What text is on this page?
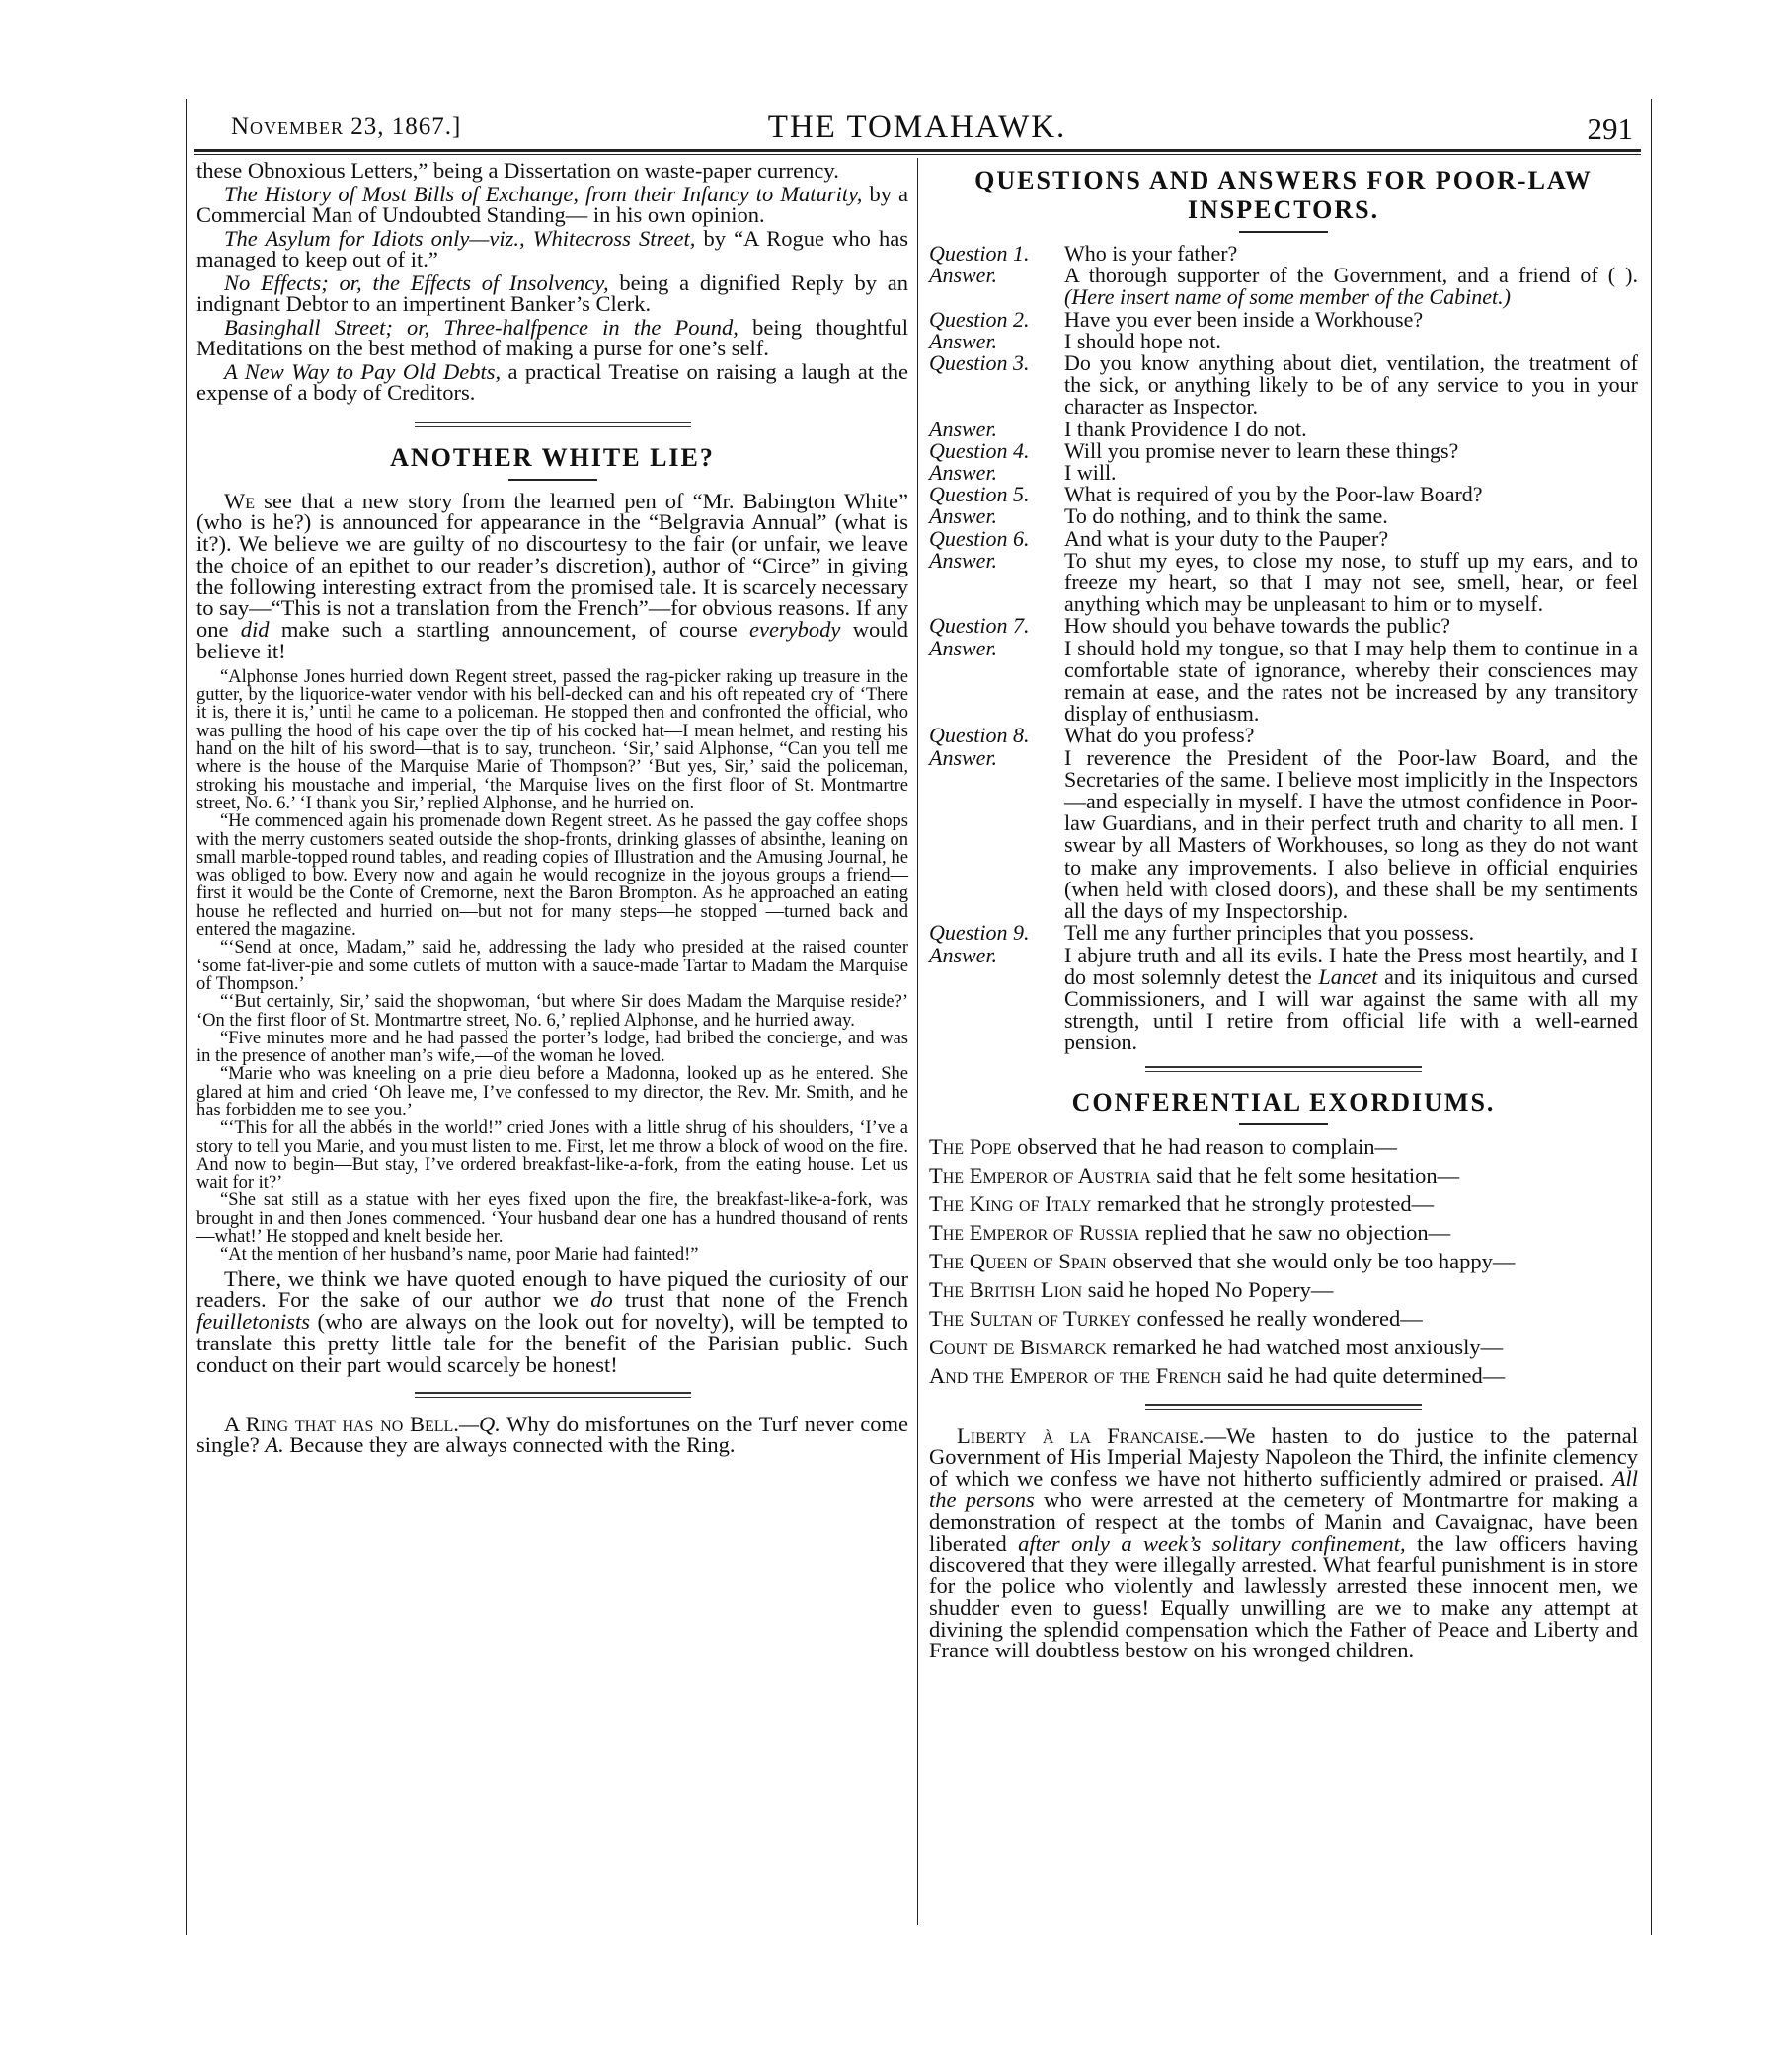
November 23, 1867.]	THE TOMAHAWK.	291

these Obnoxious Letters,” being a Dissertation on waste-paper currency.

The History of Most Bills of Exchange, from their Infancy to Maturity, by a Commercial Man of Undoubted Standing— in his own opinion.

The Asylum for Idiots only—viz., Whitecross Street, by “A Rogue who has managed to keep out of it.”

No Effects; or, the Effects of Insolvency, being a dignified Reply by an indignant Debtor to an impertinent Banker’s Clerk.

Basinghall Street; or, Three-halfpence in the Pound, being thoughtful Meditations on the best method of making a purse for one’s self.

A New Way to Pay Old Debts, a practical Treatise on raising a laugh at the expense of a body of Creditors.

ANOTHER WHITE LIE?

We see that a new story from the learned pen of “Mr. Babington White” (who is he?) is announced for appearance in the “Belgravia Annual” (what is it?). We believe we are guilty of no discourtesy to the fair (or unfair, we leave the choice of an epithet to our reader’s discretion), author of “Circe” in giving the following interesting extract from the promised tale. It is scarcely necessary to say—“This is not a translation from the French”—for obvious reasons. If any one did make such a startling announcement, of course everybody would believe it!

“Alphonse Jones hurried down Regent street, passed the rag-picker raking up treasure in the gutter, by the liquorice-water vendor with his bell-decked can and his oft repeated cry of ‘There it is, there it is,’ until he came to a policeman. He stopped then and confronted the official, who was pulling the hood of his cape over the tip of his cocked hat—I mean helmet, and resting his hand on the hilt of his sword—that is to say, truncheon. ‘Sir,’ said Alphonse, “Can you tell me where is the house of the Marquise Marie of Thompson?’ ‘But yes, Sir,’ said the policeman, stroking his moustache and imperial, ‘the Marquise lives on the first floor of St. Montmartre street, No. 6.’ ‘I thank you Sir,’ replied Alphonse, and he hurried on.

“He commenced again his promenade down Regent street. As he passed the gay coffee shops with the merry customers seated outside the shop-fronts, drinking glasses of absinthe, leaning on small marble-topped round tables, and reading copies of Illustration and the Amusing Journal, he was obliged to bow. Every now and again he would recognize in the joyous groups a friend—first it would be the Conte of Cremorne, next the Baron Brompton. As he approached an eating house he reflected and hurried on—but not for many steps—he stopped —turned back and entered the magazine.

“‘Send at once, Madam,” said he, addressing the lady who presided at the raised counter ‘some fat-liver-pie and some cutlets of mutton with a sauce-made Tartar to Madam the Marquise of Thompson.’

“‘But certainly, Sir,’ said the shopwoman, ‘but where Sir does Madam the Marquise reside?’ ‘On the first floor of St. Montmartre street, No. 6,’ replied Alphonse, and he hurried away.

“Five minutes more and he had passed the porter’s lodge, had bribed the concierge, and was in the presence of another man’s wife,—of the woman he loved.

“Marie who was kneeling on a prie dieu before a Madonna, looked up as he entered. She glared at him and cried ‘Oh leave me, I’ve confessed to my director, the Rev. Mr. Smith, and he has forbidden me to see you.’

“‘This for all the abbés in the world!” cried Jones with a little shrug of his shoulders, ‘I’ve a story to tell you Marie, and you must listen to me. First, let me throw a block of wood on the fire. And now to begin—But stay, I’ve ordered breakfast-like-a-fork, from the eating house. Let us wait for it?’

“She sat still as a statue with her eyes fixed upon the fire, the breakfast-like-a-fork, was brought in and then Jones commenced. ‘Your husband dear one has a hundred thousand of rents—what!’ He stopped and knelt beside her.

“At the mention of her husband’s name, poor Marie had fainted!”

There, we think we have quoted enough to have piqued the curiosity of our readers. For the sake of our author we do trust that none of the French feuilletonists (who are always on the look out for novelty), will be tempted to translate this pretty little tale for the benefit of the Parisian public. Such conduct on their part would scarcely be honest!

A Ring that has no Bell.—Q. Why do misfortunes on the Turf never come single? A. Because they are always connected with the Ring.

QUESTIONS AND ANSWERS FOR POOR-LAW INSPECTORS.
Question 1.	Who is your father?
Answer.	A thorough supporter of the Government, and a friend of ( ). (Here insert name of some member of the Cabinet.)
Question 2.	Have you ever been inside a Workhouse?
Answer.	I should hope not.
Question 3.	Do you know anything about diet, ventilation, the treatment of the sick, or anything likely to be of any service to you in your character as Inspector.
Answer.	I thank Providence I do not.
Question 4.	Will you promise never to learn these things?
Answer.	I will.
Question 5.	What is required of you by the Poor-law Board?
Answer.	To do nothing, and to think the same.
Question 6.	And what is your duty to the Pauper?
Answer.	To shut my eyes, to close my nose, to stuff up my ears, and to freeze my heart, so that I may not see, smell, hear, or feel anything which may be unpleasant to him or to myself.
Question 7.	How should you behave towards the public?
Answer.	I should hold my tongue, so that I may help them to continue in a comfortable state of ignorance, whereby their consciences may remain at ease, and the rates not be increased by any transitory display of enthusiasm.
Question 8.	What do you profess?
Answer.	I reverence the President of the Poor-law Board, and the Secretaries of the same. I believe most implicitly in the Inspectors—and especially in myself. I have the utmost confidence in Poor-law Guardians, and in their perfect truth and charity to all men. I swear by all Masters of Workhouses, so long as they do not want to make any improvements. I also believe in official enquiries (when held with closed doors), and these shall be my sentiments all the days of my Inspectorship.
Question 9.	Tell me any further principles that you possess.
Answer.	I abjure truth and all its evils. I hate the Press most heartily, and I do most solemnly detest the Lancet and its iniquitous and cursed Commissioners, and I will war against the same with all my strength, until I retire from official life with a well-earned pension.
CONFERENTIAL EXORDIUMS.

The Pope observed that he had reason to complain—

The Emperor of Austria said that he felt some hesitation—

The King of Italy remarked that he strongly protested—

The Emperor of Russia replied that he saw no objection—

The Queen of Spain observed that she would only be too happy—

The British Lion said he hoped No Popery—

The Sultan of Turkey confessed he really wondered—

Count de Bismarck remarked he had watched most anxiously—

And the Emperor of the French said he had quite determined—

Liberty à la Francaise.—We hasten to do justice to the paternal Government of His Imperial Majesty Napoleon the Third, the infinite clemency of which we confess we have not hitherto sufficiently admired or praised. All the persons who were arrested at the cemetery of Montmartre for making a demonstration of respect at the tombs of Manin and Cavaignac, have been liberated after only a week’s solitary confinement, the law officers having discovered that they were illegally arrested. What fearful punishment is in store for the police who violently and lawlessly arrested these innocent men, we shudder even to guess! Equally unwilling are we to make any attempt at divining the splendid compensation which the Father of Peace and Liberty and France will doubtless bestow on his wronged children.
